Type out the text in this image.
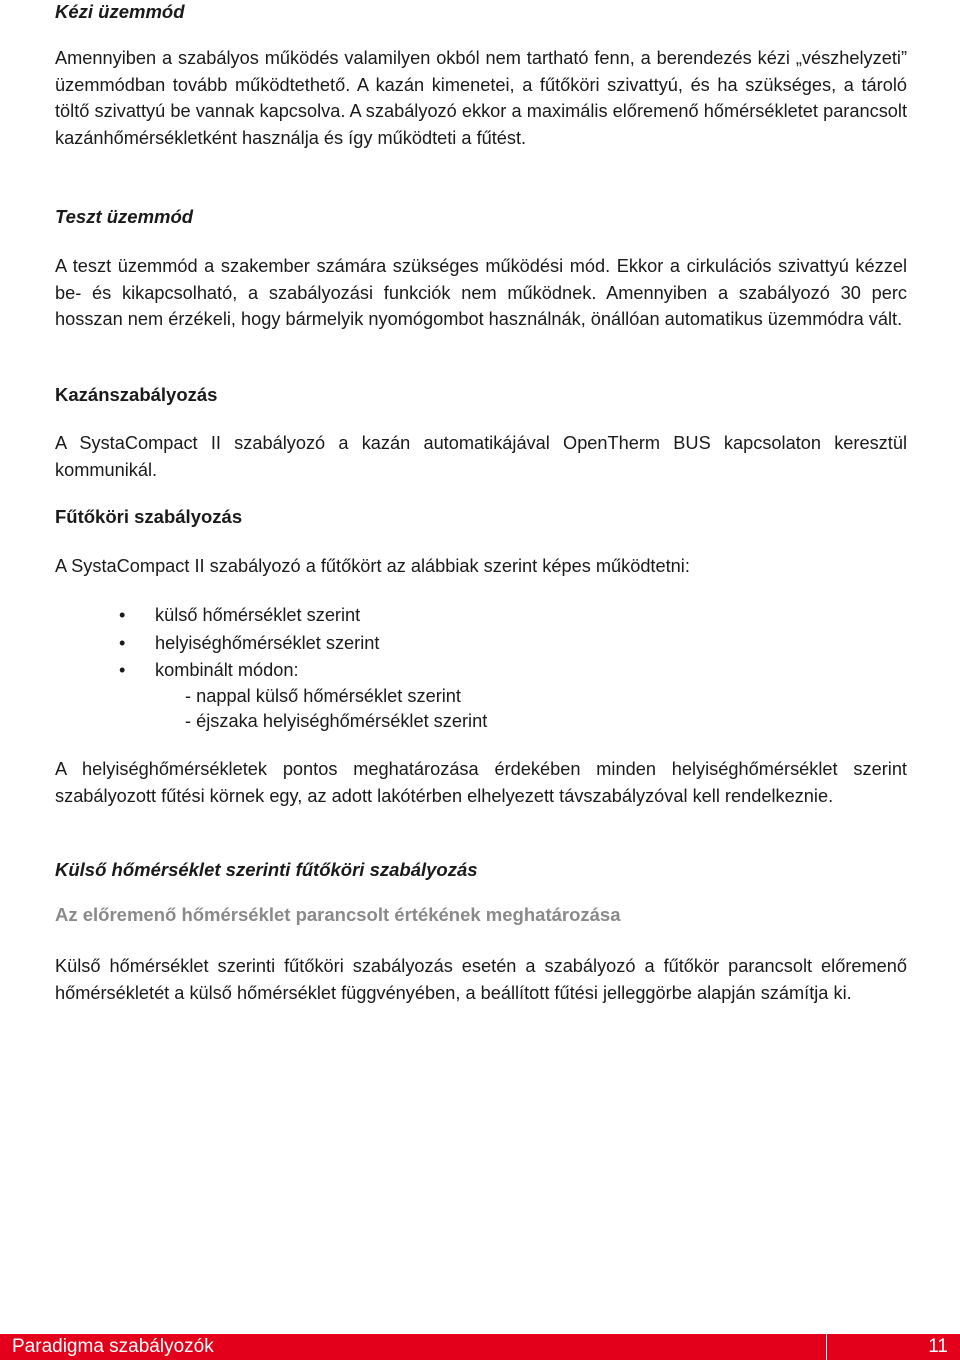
Kézi üzemmód

Amennyiben a szabályos működés valamilyen okból nem tartható fenn, a berendezés kézi „vészhelyzeti” üzemmódban tovább működtethető. A kazán kimenetei, a fűtőköri szivattyú, és ha szükséges, a tároló töltő szivattyú be vannak kapcsolva. A szabályozó ekkor a maximális előremenő hőmérsékletet parancsolt kazánhőmérsékletként használja és így működteti a fűtést.

Teszt üzemmód

A teszt üzemmód a szakember számára szükséges működési mód. Ekkor a cirkulációs szivattyú kézzel be- és kikapcsolható, a szabályozási funkciók nem működnek. Amennyiben a szabályozó 30 perc hosszan nem érzékeli, hogy bármelyik nyomógombot használnák, önállóan automatikus üzemmódra vált.

Kazánszabályozás

A SystaCompact II szabályozó a kazán automatikájával OpenTherm BUS kapcsolaton keresztül kommunikál.

Fűtőköri szabályozás

A SystaCompact II szabályozó a fűtőkört az alábbiak szerint képes működtetni:

• külső hőmérséklet szerint
• helyiséghőmérséklet szerint
• kombinált módon:
- nappal külső hőmérséklet szerint
- éjszaka helyiséghőmérséklet szerint

A helyiséghőmérsékletek pontos meghatározása érdekében minden helyiséghőmérséklet szerint szabályozott fűtési körnek egy, az adott lakótérben elhelyezett távszabályzóval kell rendelkeznie.

Külső hőmérséklet szerinti fűtőköri szabályozás
Az előremenő hőmérséklet parancsolt értékének meghatározása

Külső hőmérséklet szerinti fűtőköri szabályozás esetén a szabályozó a fűtőkör parancsolt előremenő hőmérsékletét a külső hőmérséklet függvényében, a beállított fűtési jelleggörbe alapján számítja ki.

Paradigma szabályozók	11
